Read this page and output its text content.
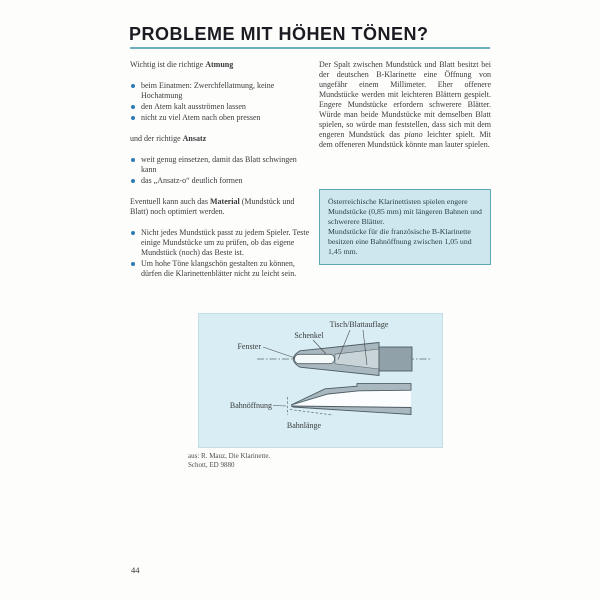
PROBLEME MIT HÖHEN TÖNEN?

Wichtig ist die richtige Atmung

beim Einatmen: Zwerchfellatmung, keine Hochatmung
den Atem kalt ausströmen lassen
nicht zu viel Atem nach oben pressen

und der richtige Ansatz

weit genug einsetzen, damit das Blatt schwingen kann
das „Ansatz-o“ deutlich formen

Eventuell kann auch das Material (Mundstück und Blatt) noch optimiert werden.

Nicht jedes Mundstück passt zu jedem Spieler. Teste einige Mundstücke um zu prüfen, ob das eigene Mundstück (noch) das Beste ist.
Um hohe Töne klangschön gestalten zu können, dürfen die Klarinettenblätter nicht zu leicht sein.

Der Spalt zwischen Mundstück und Blatt besitzt bei der deutschen B-Klarinette eine Öffnung von ungefähr einem Millimeter. Eher offenere Mundstücke werden mit leichteren Blättern gespielt. Engere Mundstücke erfordern schwerere Blätter. Würde man beide Mundstücke mit demselben Blatt spielen, so würde man feststellen, dass sich mit dem engeren Mundstück das piano leichter spielt. Mit dem offeneren Mundstück könnte man lauter spielen.

Österreichische Klarinettisten spielen engere Mundstücke (0,85 mm) mit längeren Bahnen und schwerere Blätter.

Mundstücke für die französische B-Klarinette besitzen eine Bahnöffnung zwischen 1,05 und 1,45 mm.

Tisch/Blattauflage
Schenkel
Fenster
Bahnöffnung
Bahnlänge
aus: R. Mauz, Die Klarinette.
Schott, ED 9880
44
